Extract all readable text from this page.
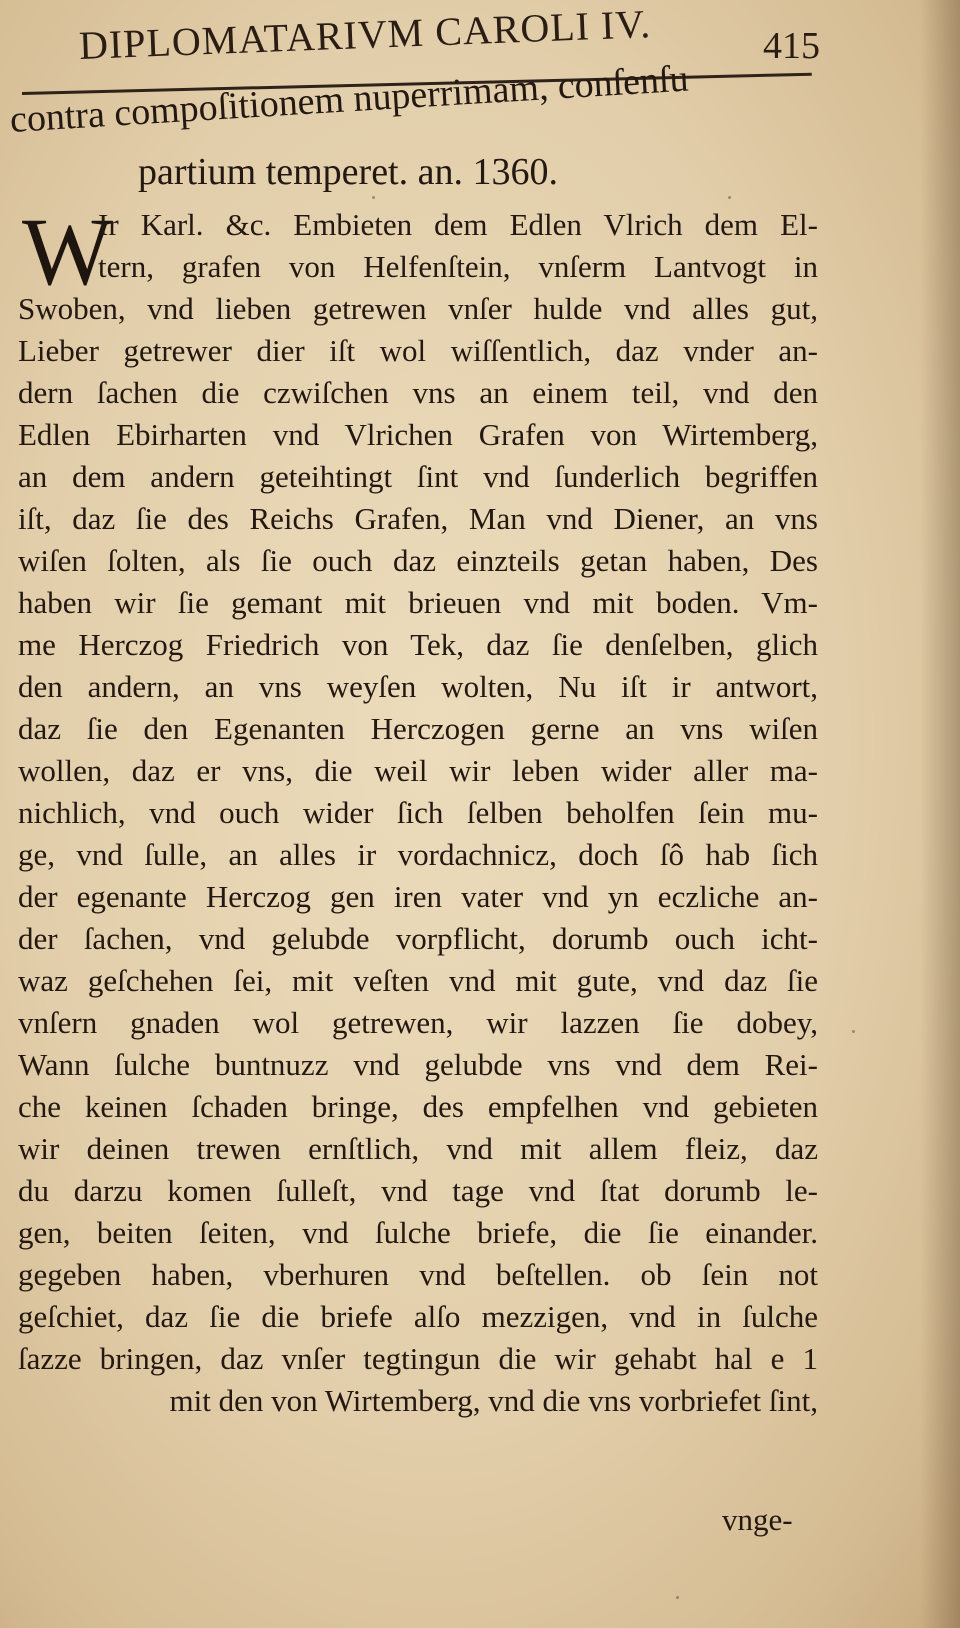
DIPLOMATARIVM CAROLI IV.	415
contra compoſitionem nuperrimam, conſenſu
partium temperet. an. 1360.
W
Ir Karl. &c. Embieten dem Edlen Vlrich dem El-
tern, grafen von Helfenſtein, vnſerm Lantvogt in
Swoben, vnd lieben getrewen vnſer hulde vnd alles gut,
Lieber getrewer dier iſt wol wiſſentlich, daz vnder an-
dern ſachen die czwiſchen vns an einem teil, vnd den
Edlen Ebirharten vnd Vlrichen Grafen von Wirtemberg,
an dem andern geteihtingt ſint vnd ſunderlich begriffen
iſt, daz ſie des Reichs Grafen, Man vnd Diener, an vns
wiſen ſolten, als ſie ouch daz einzteils getan haben, Des
haben wir ſie gemant mit brieuen vnd mit boden. Vm-
me Herczog Friedrich von Tek, daz ſie denſelben, glich
den andern, an vns weyſen wolten, Nu iſt ir antwort,
daz ſie den Egenanten Herczogen gerne an vns wiſen
wollen, daz er vns, die weil wir leben wider aller ma-
nichlich, vnd ouch wider ſich ſelben beholfen ſein mu-
ge, vnd ſulle, an alles ir vordachnicz, doch ſô hab ſich
der egenante Herczog gen iren vater vnd yn eczliche an-
der ſachen, vnd gelubde vorpflicht, dorumb ouch icht-
waz geſchehen ſei, mit veſten vnd mit gute, vnd daz ſie
vnſern gnaden wol getrewen, wir lazzen ſie dobey,
Wann ſulche buntnuzz vnd gelubde vns vnd dem Rei-
che keinen ſchaden bringe, des empfelhen vnd gebieten
wir deinen trewen ernſtlich, vnd mit allem fleiz, daz
du darzu komen ſulleſt, vnd tage vnd ſtat dorumb le-
gen, beiten ſeiten, vnd ſulche briefe, die ſie einander.
gegeben haben, vberhuren vnd beſtellen. ob ſein not
geſchiet, daz ſie die briefe alſo mezzigen, vnd in ſulche
ſazze bringen, daz vnſer tegtingun die wir gehabt hal e 1
mit den von Wirtemberg, vnd die vns vorbriefet ſint,
vnge-
